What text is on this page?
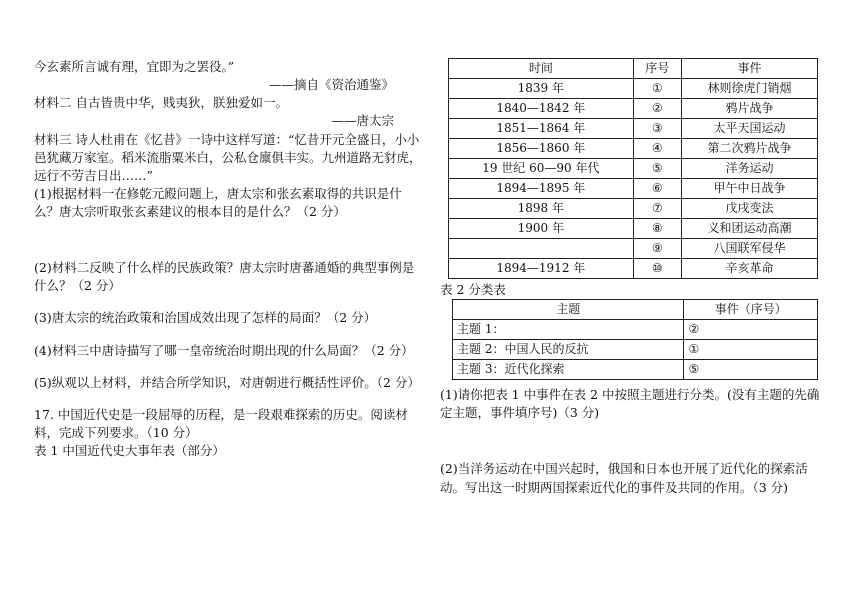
今玄素所言诚有理，宜即为之罢役。”

——摘自《资治通鉴》

材料二 自古皆贵中华，贱夷狄，朕独爱如一。

——唐太宗

材料三 诗人杜甫在《忆昔》一诗中这样写道：“忆昔开元全盛日，小小邑犹藏万家室。稻米流脂粟米白，公私仓廪俱丰实。九州道路无豺虎，远行不劳吉日出……”

(1)根据材料一在修乾元殿问题上，唐太宗和张玄素取得的共识是什么？唐太宗听取张玄素建议的根本目的是什么？（2 分）

(2)材料二反映了什么样的民族政策？唐太宗时唐蕃通婚的典型事例是什么？（2 分）

(3)唐太宗的统治政策和治国成效出现了怎样的局面？（2 分）

(4)材料三中唐诗描写了哪一皇帝统治时期出现的什么局面？（2 分）

(5)纵观以上材料，并结合所学知识，对唐朝进行概括性评价。（2 分）

17. 中国近代史是一段屈辱的历程，是一段艰难探索的历史。阅读材料，完成下列要求。（10 分）

表 1 中国近代史大事年表（部分）

时间	序号	事件
1839 年	①	林则徐虎门销烟
1840—1842 年	②	鸦片战争
1851—1864 年	③	太平天国运动
1856—1860 年	④	第二次鸦片战争
19 世纪 60—90 年代	⑤	洋务运动
1894—1895 年	⑥	甲午中日战争
1898 年	⑦	戊戌变法
1900 年	⑧	义和团运动高潮
	⑨	八国联军侵华
1894—1912 年	⑩	辛亥革命

表 2 分类表

主题	事件（序号）
主题 1：	②
主题 2：中国人民的反抗	①
主题 3：近代化探索	⑤

(1)请你把表 1 中事件在表 2 中按照主题进行分类。(没有主题的先确定主题，事件填序号)（3 分)

(2)当洋务运动在中国兴起时，俄国和日本也开展了近代化的探索活动。写出这一时期两国探索近代化的事件及共同的作用。（3 分)
